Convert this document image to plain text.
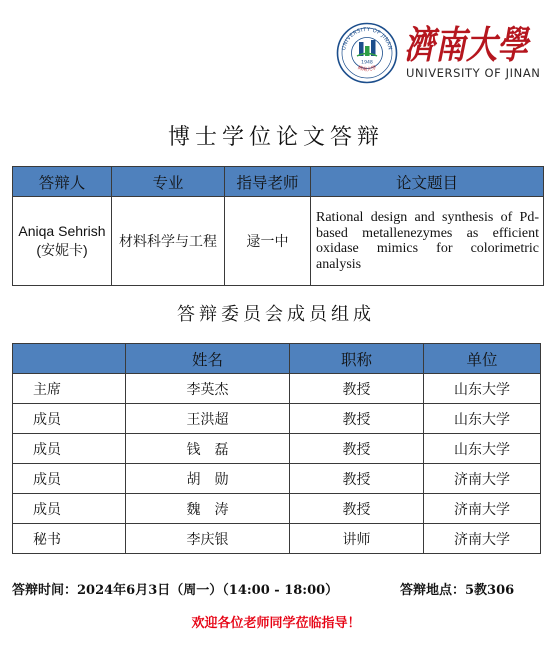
UNIVERSITY OF JINAN
濟南大學
1948 濟南大學
UNIVERSITY OF JINAN
博士学位论文答辩
答辩人	专业	指导老师	论文题目

Aniqa Sehrish
(安妮卡)	材料科学与工程	逯一中	Rational design and synthesis of Pd-based metallenezymes as efficient oxidase mimics for colorimetric analysis
答辩委员会成员组成
	姓名	职称	单位
主席	李英杰	教授	山东大学
成员	王洪超	教授	山东大学
成员	钱　磊	教授	山东大学
成员	胡　勋	教授	济南大学
成员	魏　涛	教授	济南大学
秘书	李庆银	讲师	济南大学
答辩时间：2024年6月3日（周一）（14:00 - 18:00）	答辩地点：5教306
欢迎各位老师同学莅临指导！
